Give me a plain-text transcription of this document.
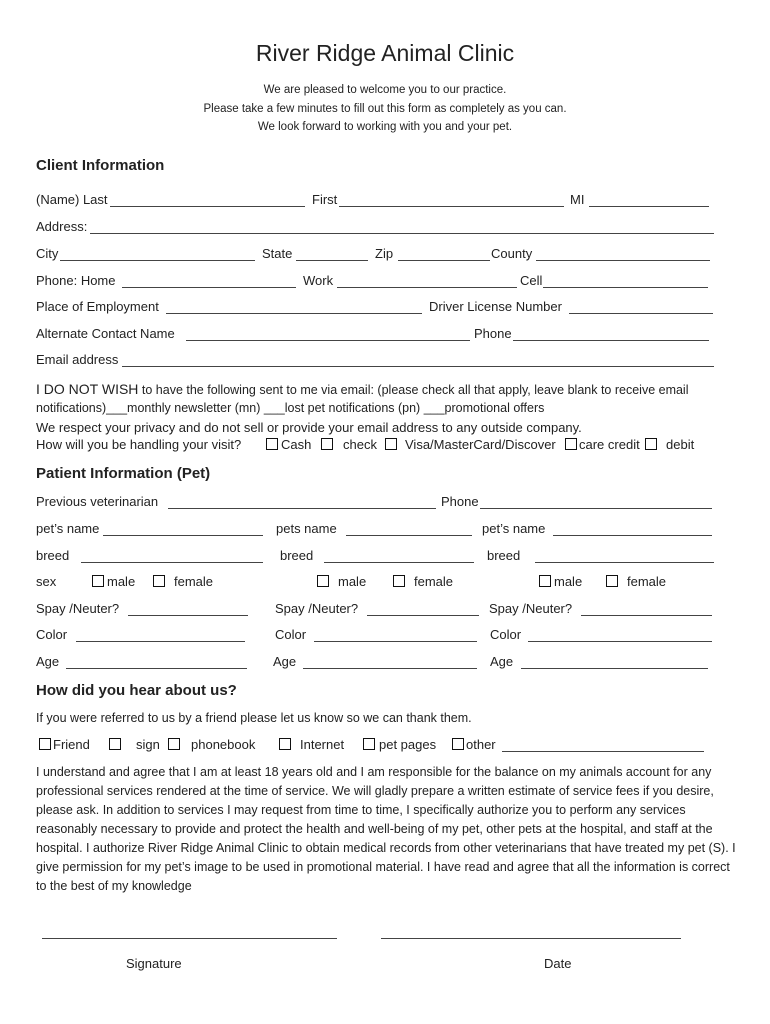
River Ridge Animal Clinic
We are pleased to welcome you to our practice.
Please take a few minutes to fill out this form as completely as you can.
We look forward to working with you and your pet.
Client Information
(Name) Last	First	MI
Address:
City	State	Zip	County
Phone: Home	Work	Cell
Place of Employment	Driver License Number
Alternate Contact Name	Phone
Email address
I DO NOT WISH to have the following sent to me via email: (please check all that apply, leave blank to receive email
notifications)___monthly newsletter (mn) ___lost pet notifications (pn) ___promotional offers
We respect your privacy and do not sell or provide your email address to any outside company.
How will you be handling your visit?	Cash check Visa/MasterCard/Discover care credit debit
Patient Information (Pet)
Previous veterinarian	Phone
pet’s name	pets name	pet’s name
breed	breed	breed
sex	male	female	male	female	male	female
Spay /Neuter?	Spay /Neuter?	Spay /Neuter?
Color	Color	Color
Age	Age	Age
How did you hear about us?
If you were referred to us by a friend please let us know so we can thank them.
Friend	sign phonebook	Internet	pet pages other
I understand and agree that I am at least 18 years old and I am responsible for the balance on my animals account for any professional services rendered at the time of service. We will gladly prepare a written estimate of service fees if you desire, please ask. In addition to services I may request from time to time, I specifically authorize you to perform any services reasonably necessary to provide and protect the health and well-being of my pet, other pets at the hospital, and staff at the hospital. I authorize River Ridge Animal Clinic to obtain medical records from other veterinarians that have treated my pet (S). I give permission for my pet’s image to be used in promotional material. I have read and agree that all the information is correct to the best of my knowledge
Signature	Date
